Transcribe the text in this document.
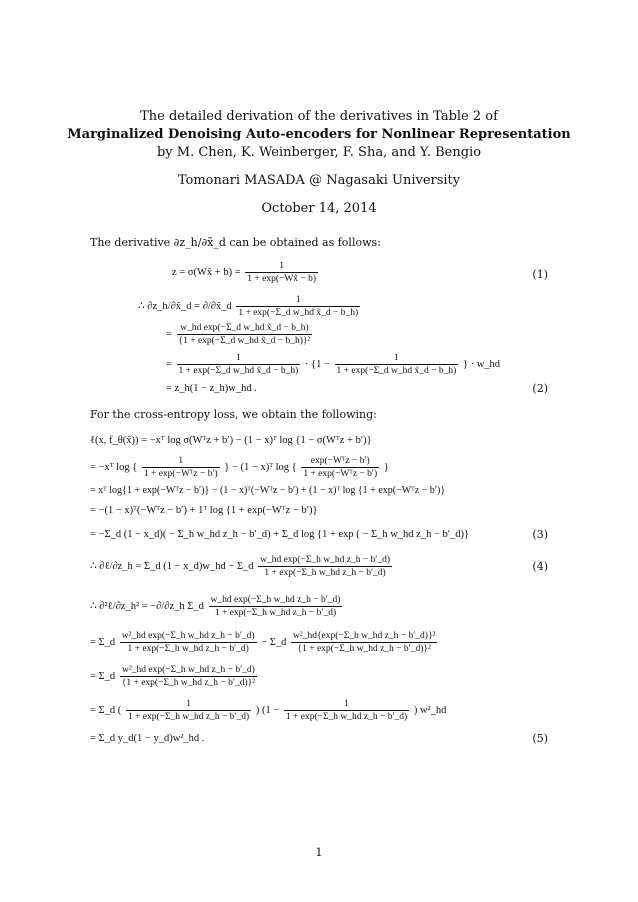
The detailed derivation of the derivatives in Table 2 of
Marginalized Denoising Auto-encoders for Nonlinear Representation
by M. Chen, K. Weinberger, F. Sha, and Y. Bengio
Tomonari MASADA @ Nagasaki University
October 14, 2014
The derivative ∂z_h/∂x̃_d can be obtained as follows:
z = σ(Wx̃ + $b) = \frac{1}{1 + \exp(-Wx̃ - b)}$	(1)
∴ ∂z_h/∂x̃_d = ∂/∂x̃_d $\frac{1}{\text{1 + exp(−Σ\_d w\_hd x̃\_d − b\_h)}}$
= $\frac{\text{w\_hd exp(−Σ\_d w\_hd x̃\_d − b\_h)}}{\text{\{1 + exp(−Σ\_d w\_hd x̃\_d − b\_h)\}²}}$
= $\frac{1}{\text{1 + exp(−Σ\_d w\_hd x̃\_d − b\_h)}} \cdot \{1 - \frac{1}{\text{1 + exp(−Σ\_d w\_hd x̃\_d − b\_h)}}$ } · w_hd
= z_h(1 − z_h)w_hd .	(2)
For the cross-entropy loss, we obtain the following:
ℓ(x, f_θ(x̃)) = −xᵀ log σ(Wᵀz + b′) − (1 − x)ᵀ log {1 − σ(Wᵀz + b′)}
= −xᵀ log { $\frac{1}{\text{1 + exp(−Wᵀz − b′)}}$ } − (1 − x)ᵀ log { $\frac{\text{exp(−Wᵀz − b′)}}{\text{1 + exp(−Wᵀz − b′)}}$ }
= xᵀ log{1 + exp(−Wᵀz − b′)} − (1 − x)ᵀ(−Wᵀz − b′) + (1 − x)ᵀ log {1 + exp(−Wᵀz − b′)}
= −(1 − x)ᵀ(−Wᵀz − b′) + 1ᵀ log {1 + exp(−Wᵀz − b′)}
= −Σ_d (1 − x_d)( − Σ_h w_hd z_h − b′_d) + Σ_d log {1 + exp ( − Σ_h w_hd z_h − b′_d)}	(3)
∴ ∂ℓ/∂z_h = Σ_d (1 − x_d)w_hd − Σ_d $\frac{\text{w\_hd exp(−Σ\_h w\_hd z\_h − b′\_d)}}{\text{1 + exp(−Σ\_h w\_hd z\_h − b′\_d)}}$	(4)
∴ ∂²ℓ/∂z_h² = −∂/∂z_h Σ_d $\frac{\text{w\_hd exp(−Σ\_h w\_hd z\_h − b′\_d)}}{\text{1 + exp(−Σ\_h w\_hd z\_h − b′\_d)}}$
= Σ_d $\frac{\text{w²\_hd exp(−Σ\_h w\_hd z\_h − b′\_d)}}{\text{1 + exp(−Σ\_h w\_hd z\_h − b′\_d)}}$ − Σ_d $\frac{\text{w²\_hd\{exp(−Σ\_h w\_hd z\_h − b′\_d)\}²}}{\text{\{1 + exp(−Σ\_h w\_hd z\_h − b′\_d)\}²}}$
= Σ_d $\frac{\text{w²\_hd exp(−Σ\_h w\_hd z\_h − b′\_d)}}{\text{\{1 + exp(−Σ\_h w\_hd z\_h − b′\_d)\}²}}$
= Σ_d ( $\frac{1}{\text{1 + exp(−Σ\_h w\_hd z\_h − b′\_d)}}$ ) ($1 - \frac{1}{\text{1 + exp(−Σ\_h w\_hd z\_h − b′\_d)}}$ ) w²_hd
= Σ_d y_d(1 − y_d)w²_hd .	(5)
1
